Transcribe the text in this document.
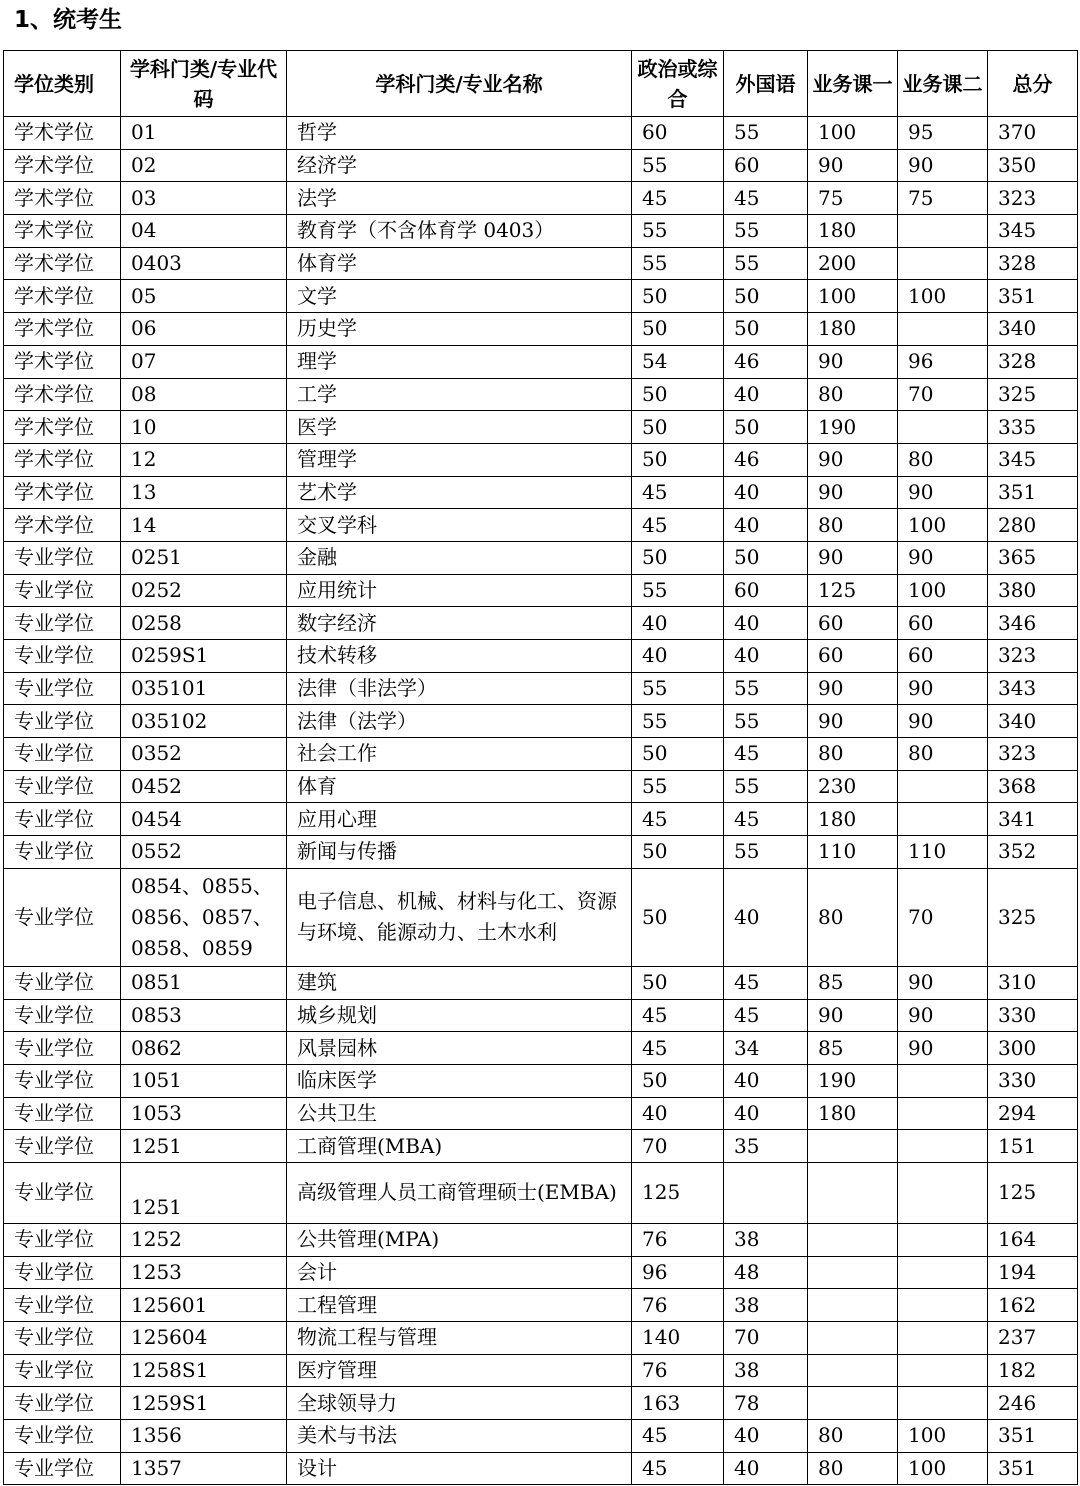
1、统考生
学位类别	学科门类/专业代码	学科门类/专业名称	政治或综合	外国语	业务课一	业务课二	总分
学术学位	01	哲学	60	55	100	95	370
学术学位	02	经济学	55	60	90	90	350
学术学位	03	法学	45	45	75	75	323
学术学位	04	教育学（不含体育学 0403）	55	55	180		345
学术学位	0403	体育学	55	55	200		328
学术学位	05	文学	50	50	100	100	351
学术学位	06	历史学	50	50	180		340
学术学位	07	理学	54	46	90	96	328
学术学位	08	工学	50	40	80	70	325
学术学位	10	医学	50	50	190		335
学术学位	12	管理学	50	46	90	80	345
学术学位	13	艺术学	45	40	90	90	351
学术学位	14	交叉学科	45	40	80	100	280
专业学位	0251	金融	50	50	90	90	365
专业学位	0252	应用统计	55	60	125	100	380
专业学位	0258	数字经济	40	40	60	60	346
专业学位	0259S1	技术转移	40	40	60	60	323
专业学位	035101	法律（非法学）	55	55	90	90	343
专业学位	035102	法律（法学）	55	55	90	90	340
专业学位	0352	社会工作	50	45	80	80	323
专业学位	0452	体育	55	55	230		368
专业学位	0454	应用心理	45	45	180		341
专业学位	0552	新闻与传播	50	55	110	110	352
专业学位	0854、0855、0856、0857、0858、0859	电子信息、机械、材料与化工、资源与环境、能源动力、土木水利	50	40	80	70	325
专业学位	0851	建筑	50	45	85	90	310
专业学位	0853	城乡规划	45	45	90	90	330
专业学位	0862	风景园林	45	34	85	90	300
专业学位	1051	临床医学	50	40	190		330
专业学位	1053	公共卫生	40	40	180		294
专业学位	1251	工商管理(MBA)	70	35			151
专业学位	1251	高级管理人员工商管理硕士(EMBA)	125				125
专业学位	1252	公共管理(MPA)	76	38			164
专业学位	1253	会计	96	48			194
专业学位	125601	工程管理	76	38			162
专业学位	125604	物流工程与管理	140	70			237
专业学位	1258S1	医疗管理	76	38			182
专业学位	1259S1	全球领导力	163	78			246
专业学位	1356	美术与书法	45	40	80	100	351
专业学位	1357	设计	45	40	80	100	351
